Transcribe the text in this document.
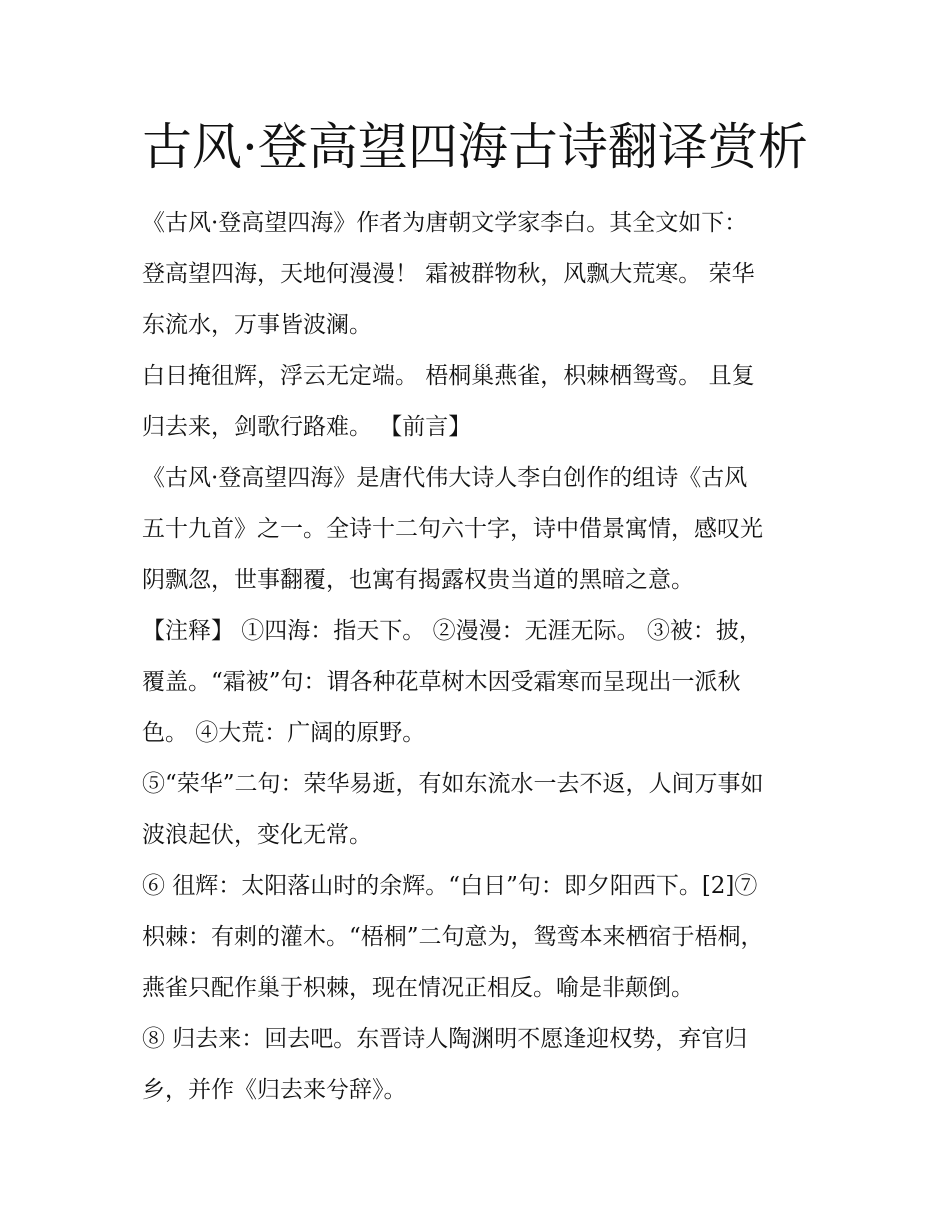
古风·登高望四海古诗翻译赏析

《古风·登高望四海》作者为唐朝文学家李白。其全文如下：

登高望四海，天地何漫漫！ 霜被群物秋，风飘大荒寒。 荣华

东流水，万事皆波澜。

白日掩徂辉，浮云无定端。 梧桐巢燕雀，枳棘栖鸳鸾。 且复

归去来，剑歌行路难。 【前言】

《古风·登高望四海》是唐代伟大诗人李白创作的组诗《古风

五十九首》之一。全诗十二句六十字，诗中借景寓情，感叹光

阴飘忽，世事翻覆，也寓有揭露权贵当道的黑暗之意。

【注释】 ①四海：指天下。 ②漫漫：无涯无际。 ③被：披，

覆盖。“霜被”句：谓各种花草树木因受霜寒而呈现出一派秋

色。 ④大荒：广阔的原野。

⑤“荣华”二句：荣华易逝，有如东流水一去不返，人间万事如

波浪起伏，变化无常。

⑥ 徂辉：太阳落山时的余辉。“白日”句：即夕阳西下。[2]⑦

枳棘：有刺的灌木。“梧桐”二句意为，鸳鸾本来栖宿于梧桐，

燕雀只配作巢于枳棘，现在情况正相反。喻是非颠倒。

⑧ 归去来：回去吧。东晋诗人陶渊明不愿逢迎权势，弃官归

乡，并作《归去来兮辞》。
